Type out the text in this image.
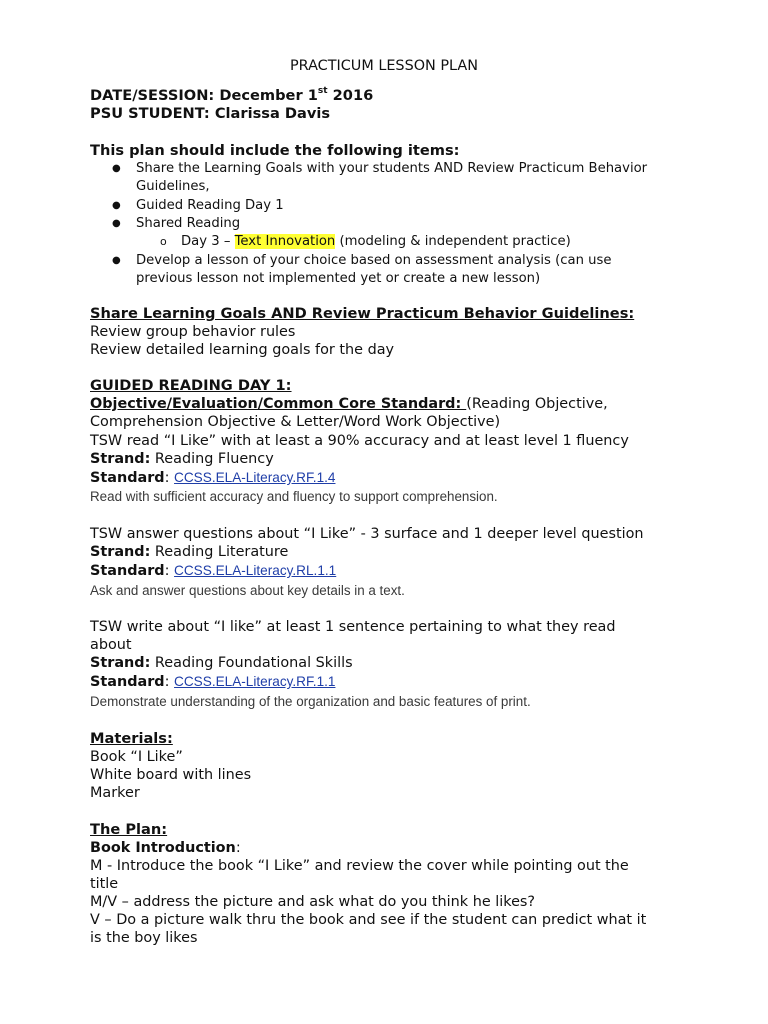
PRACTICUM LESSON PLAN
DATE/SESSION: December 1st 2016
PSU STUDENT: Clarissa Davis
This plan should include the following items:
● Share the Learning Goals with your students AND Review Practicum Behavior
Guidelines,
● Guided Reading Day 1
● Shared Reading
o Day 3 – Text Innovation (modeling & independent practice)
● Develop a lesson of your choice based on assessment analysis (can use
previous lesson not implemented yet or create a new lesson)
Share Learning Goals AND Review Practicum Behavior Guidelines:
Review group behavior rules
Review detailed learning goals for the day
GUIDED READING DAY 1:
Objective/Evaluation/Common Core Standard: (Reading Objective,
Comprehension Objective & Letter/Word Work Objective)
TSW read “I Like” with at least a 90% accuracy and at least level 1 fluency
Strand: Reading Fluency
Standard: CCSS.ELA-Literacy.RF.1.4
Read with sufficient accuracy and fluency to support comprehension.
TSW answer questions about “I Like” - 3 surface and 1 deeper level question
Strand: Reading Literature
Standard: CCSS.ELA-Literacy.RL.1.1
Ask and answer questions about key details in a text.
TSW write about “I like” at least 1 sentence pertaining to what they read
about
Strand: Reading Foundational Skills
Standard: CCSS.ELA-Literacy.RF.1.1
Demonstrate understanding of the organization and basic features of print.
Materials:
Book “I Like”
White board with lines
Marker
The Plan:
Book Introduction:
M - Introduce the book “I Like” and review the cover while pointing out the
title
M/V – address the picture and ask what do you think he likes?
V – Do a picture walk thru the book and see if the student can predict what it
is the boy likes
